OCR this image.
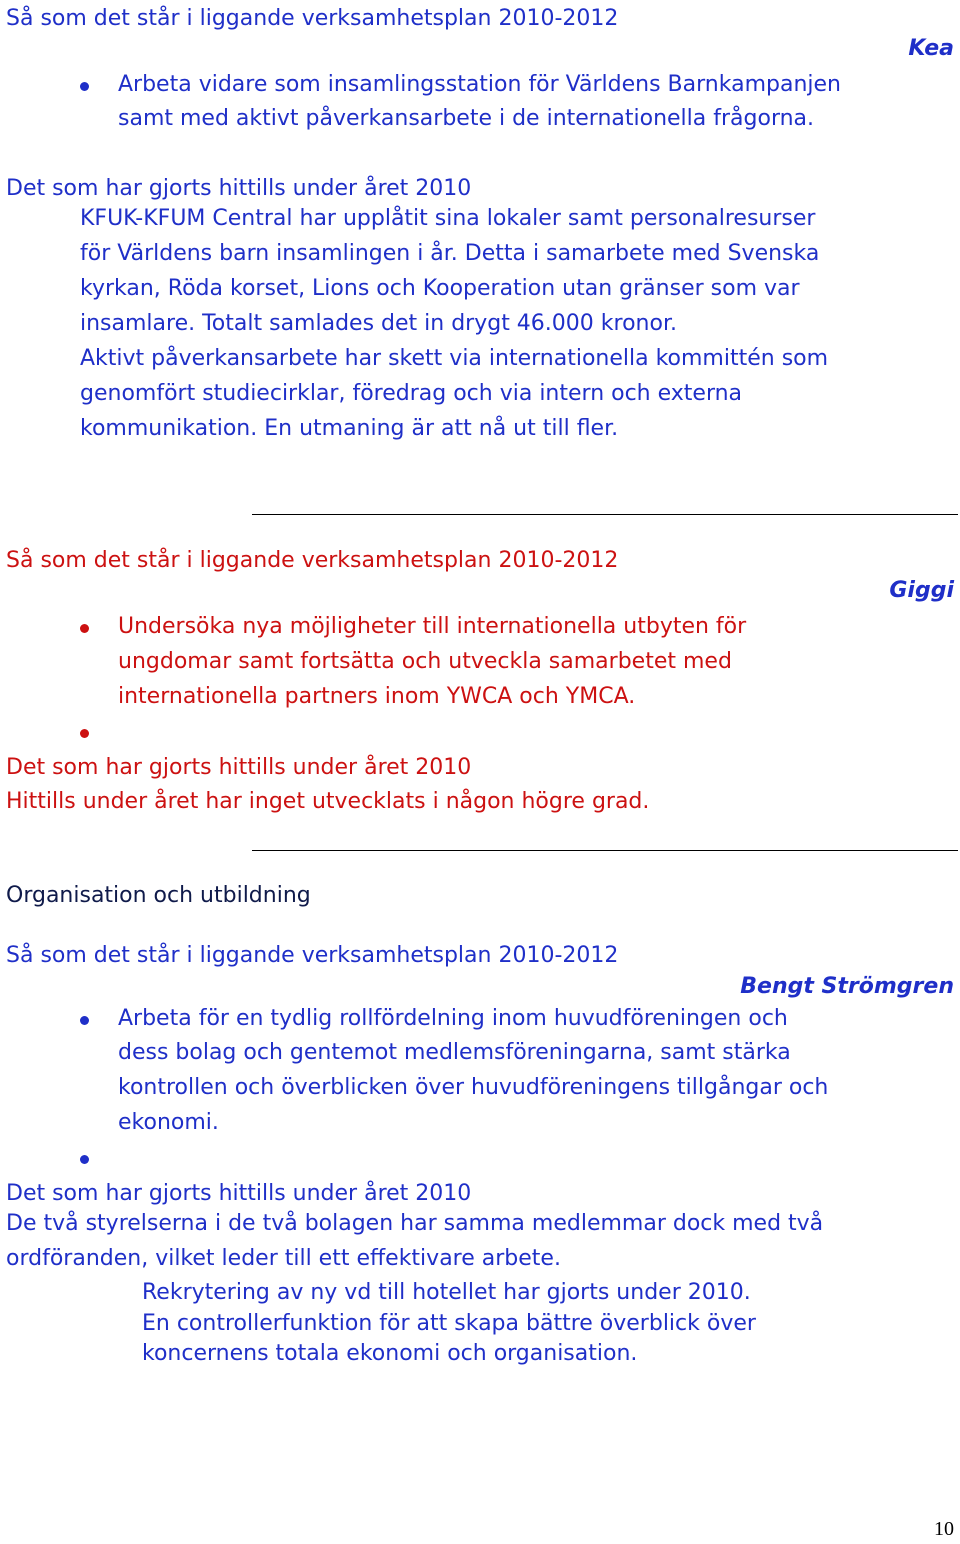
Så som det står i liggande verksamhetsplan 2010-2012
Kea
Arbeta vidare som insamlingsstation för Världens Barnkampanjen
samt med aktivt påverkansarbete i de internationella frågorna.
Det som har gjorts hittills under året 2010
KFUK-KFUM Central har upplåtit sina lokaler samt personalresurser
för Världens barn insamlingen i år. Detta i samarbete med Svenska
kyrkan, Röda korset, Lions och Kooperation utan gränser som var
insamlare. Totalt samlades det in drygt 46.000 kronor.
Aktivt påverkansarbete har skett via internationella kommittén som
genomfört studiecirklar, föredrag och via intern och externa
kommunikation. En utmaning är att nå ut till fler.
Så som det står i liggande verksamhetsplan 2010-2012
Giggi
Undersöka nya möjligheter till internationella utbyten för
ungdomar samt fortsätta och utveckla samarbetet med
internationella partners inom YWCA och YMCA.
Det som har gjorts hittills under året 2010
Hittills under året har inget utvecklats i någon högre grad.
Organisation och utbildning
Så som det står i liggande verksamhetsplan 2010-2012
Bengt Strömgren
Arbeta för en tydlig rollfördelning inom huvudföreningen och
dess bolag och gentemot medlemsföreningarna, samt stärka
kontrollen och överblicken över huvudföreningens tillgångar och
ekonomi.
Det som har gjorts hittills under året 2010
De två styrelserna i de två bolagen har samma medlemmar dock med två
ordföranden, vilket leder till ett effektivare arbete.
Rekrytering av ny vd till hotellet har gjorts under 2010.
En controllerfunktion för att skapa bättre överblick över
koncernens totala ekonomi och organisation.
10
